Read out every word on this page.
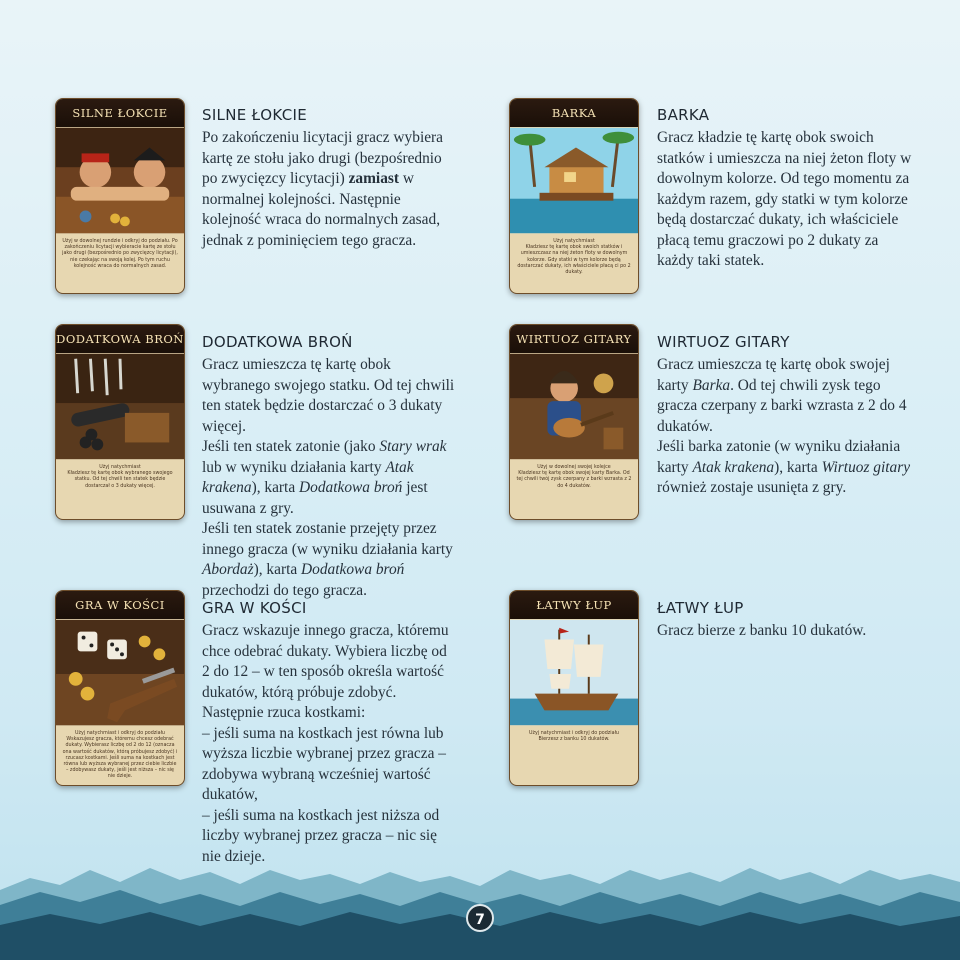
SILNE ŁOKCIE

Użyj w dowolnej rundzie i odkryj do podziału. Po zakończeniu licytacji wybieracie kartę ze stołu jako drugi (bezpośrednio po zwycięzcy licytacji), nie czekając na swoją kolej. Po tym ruchu kolejność wraca do normalnych zasad.

SILNE ŁOKCIE

Po zakończeniu licytacji gracz wybiera kartę ze stołu jako drugi (bezpośrednio po zwycięzcy licytacji) zamiast w normalnej kolejności. Następnie kolejność wraca do normalnych zasad, jednak z pominięciem tego gracza.

BARKA

Użyj natychmiast

Kładziesz tę kartę obok swoich statków i umieszczasz na niej żeton floty w dowolnym kolorze. Gdy statki w tym kolorze będą dostarczać dukaty, ich właściciele płacą ci po 2 dukaty.

BARKA

Gracz kładzie tę kartę obok swoich statków i umieszcza na niej żeton floty w dowolnym kolorze. Od tego momentu za każdym razem, gdy statki w tym kolorze będą dostarczać dukaty, ich właściciele płacą temu graczowi po 2 dukaty za każdy taki statek.

DODATKOWA BROŃ

Użyj natychmiast

Kładziesz tę kartę obok wybranego swojego statku. Od tej chwili ten statek będzie dostarczał o 3 dukaty więcej.

DODATKOWA BROŃ

Gracz umieszcza tę kartę obok wybranego swojego statku. Od tej chwili ten statek będzie dostarczać o 3 dukaty więcej.

Jeśli ten statek zatonie (jako Stary wrak lub w wyniku działania karty Atak krakena), karta Dodatkowa broń jest usuwana z gry.

Jeśli ten statek zostanie przejęty przez innego gracza (w wyniku działania karty Abordaż), karta Dodatkowa broń przechodzi do tego gracza.

WIRTUOZ GITARY

Użyj w dowolnej swojej kolejce

Kładziesz tę kartę obok swojej karty Barka. Od tej chwili twój zysk czerpany z barki wzrasta z 2 do 4 dukatów.

WIRTUOZ GITARY

Gracz umieszcza tę kartę obok swojej karty Barka. Od tej chwili zysk tego gracza czerpany z barki wzrasta z 2 do 4 dukatów.

Jeśli barka zatonie (w wyniku działania karty Atak krakena), karta Wirtuoz gitary również zostaje usunięta z gry.

GRA W KOŚCI

Użyj natychmiast i odkryj do podziału

Wskazujesz gracza, któremu chcesz odebrać dukaty. Wybierasz liczbę od 2 do 12 (oznacza ona wartość dukatów, którą próbujesz zdobyć) i rzucasz kostkami. Jeśli suma na kostkach jest równa lub wyższa wybranej przez ciebie liczbie – zdobywasz dukaty, jeśli jest niższa – nic się nie dzieje.

GRA W KOŚCI

Gracz wskazuje innego gracza, któremu chce odebrać dukaty. Wybiera liczbę od 2 do 12 – w ten sposób określa wartość dukatów, którą próbuje zdobyć. Następnie rzuca kostkami:

– jeśli suma na kostkach jest równa lub wyższa liczbie wybranej przez gracza – zdobywa wybraną wcześniej wartość dukatów,

– jeśli suma na kostkach jest niższa od liczby wybranej przez gracza – nic się nie dzieje.

ŁATWY ŁUP

Użyj natychmiast i odkryj do podziału

Bierzesz z banku 10 dukatów.

ŁATWY ŁUP

Gracz bierze z banku 10 dukatów.

7
